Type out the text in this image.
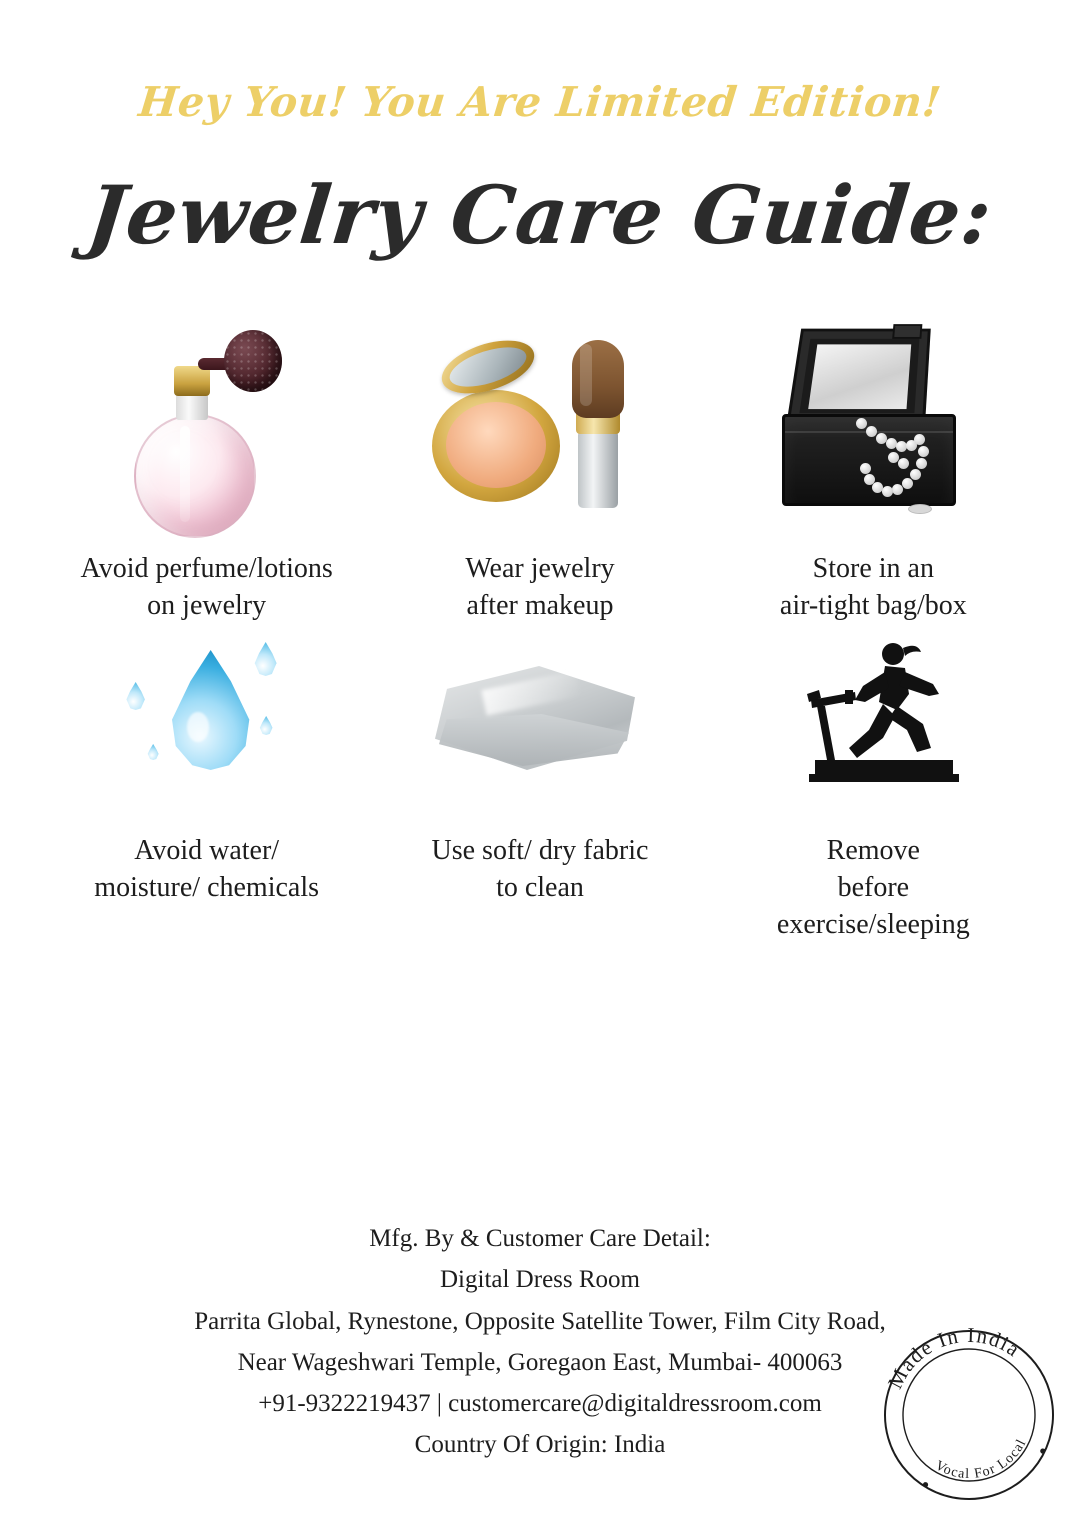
Hey You! You Are Limited Edition!
Jewelry Care Guide:
Avoid perfume/lotions
on jewelry
Wear jewelry
after makeup
Store in an
air-tight bag/box
Avoid water/
moisture/ chemicals
Use soft/ dry fabric
to clean
Remove
before
exercise/sleeping
Mfg. By & Customer Care Detail:
Digital Dress Room
Parrita Global, Rynestone, Opposite Satellite Tower, Film City Road,
Near Wageshwari Temple, Goregaon East, Mumbai- 400063
+91-9322219437 | customercare@digitaldressroom.com
Country Of Origin: India
Made In India
Vocal For Local
